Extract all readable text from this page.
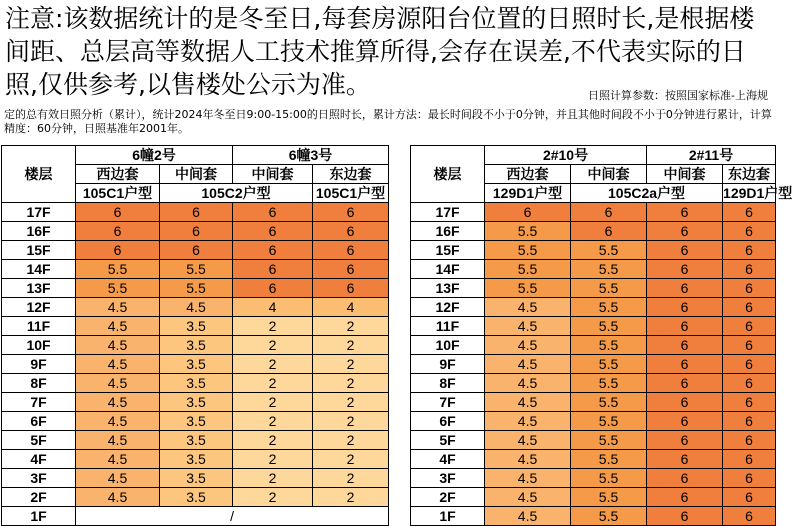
注意:该数据统计的是冬至日,每套房源阳台位置的日照时长,是根据楼间距、总层高等数据人工技术推算所得,会存在误差,不代表实际的日照,仅供参考,以售楼处公示为准。	日照计算参数：按照国家标准-上海规
定的总有效日照分析（累计），统计2024年冬至日9:00-15:00的日照时长，累计方法：最长时间段不小于0分钟，并且其他时间段不小于0分钟进行累计，计算精度：60分钟，日照基准年2001年。
楼层	6幢2号		6幢3号			楼层	2#10号		2#11号	
	西边套	中间套	中间套	东边套			西边套	中间套	中间套	东边套
	105C1户型	105C2户型		105C1户型			129D1户型	105C2a户型		129D1户型
17F	6	6	6	6		17F	6	6	6	6
16F	6	6	6	6		16F	5.5	6	6	6
15F	6	6	6	6		15F	5.5	5.5	6	6
14F	5.5	5.5	6	6		14F	5.5	5.5	6	6
13F	5.5	5.5	6	6		13F	5.5	5.5	6	6
12F	4.5	4.5	4	4		12F	4.5	5.5	6	6
11F	4.5	3.5	2	2		11F	4.5	5.5	6	6
10F	4.5	3.5	2	2		10F	4.5	5.5	6	6
9F	4.5	3.5	2	2		9F	4.5	5.5	6	6
8F	4.5	3.5	2	2		8F	4.5	5.5	6	6
7F	4.5	3.5	2	2		7F	4.5	5.5	6	6
6F	4.5	3.5	2	2		6F	4.5	5.5	6	6
5F	4.5	3.5	2	2		5F	4.5	5.5	6	6
4F	4.5	3.5	2	2		4F	4.5	5.5	6	6
3F	4.5	3.5	2	2		3F	4.5	5.5	6	6
2F	4.5	3.5	2	2		2F	4.5	5.5	6	6
1F	/					1F	4.5	5.5	6	6
